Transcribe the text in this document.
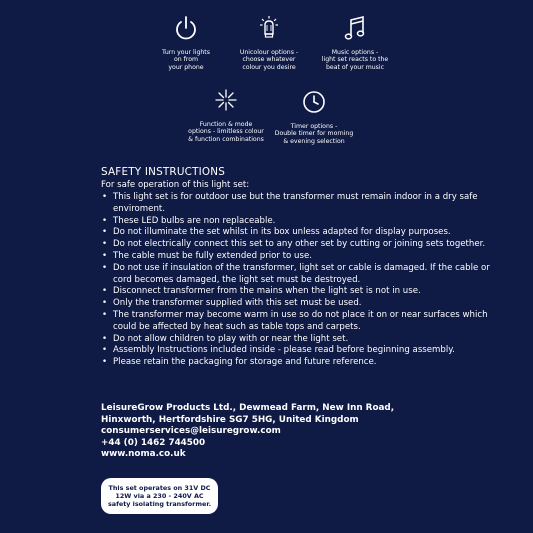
Turn your lights
on from
your phone
Unicolour options -
choose whatever
colour you desire
Music options -
light set reacts to the
beat of your music
Function & mode
options - limitless colour
& function combinations
Timer options -
Double timer for morning
& evening selection
SAFETY INSTRUCTIONS

For safe operation of this light set:

• This light set is for outdoor use but the transformer must remain indoor in a dry safe enviroment.
• These LED bulbs are non replaceable.
• Do not illuminate the set whilst in its box unless adapted for display purposes.
• Do not electrically connect this set to any other set by cutting or joining sets together.
• The cable must be fully extended prior to use.
• Do not use if insulation of the transformer, light set or cable is damaged. If the cable or cord becomes damaged, the light set must be destroyed.
• Disconnect transformer from the mains when the light set is not in use.
• Only the transformer supplied with this set must be used.
• The transformer may become warm in use so do not place it on or near surfaces which could be affected by heat such as table tops and carpets.
• Do not allow children to play with or near the light set.
• Assembly Instructions included inside - please read before beginning assembly.
• Please retain the packaging for storage and future reference.
LeisureGrow Products Ltd., Dewmead Farm, New Inn Road,
Hinxworth, Hertfordshire SG7 5HG, United Kingdom
consumerservices@leisuregrow.com
+44 (0) 1462 744500
www.noma.co.uk
This set operates on 31V DC
12W via a 230 - 240V AC
safety isolating transformer.
